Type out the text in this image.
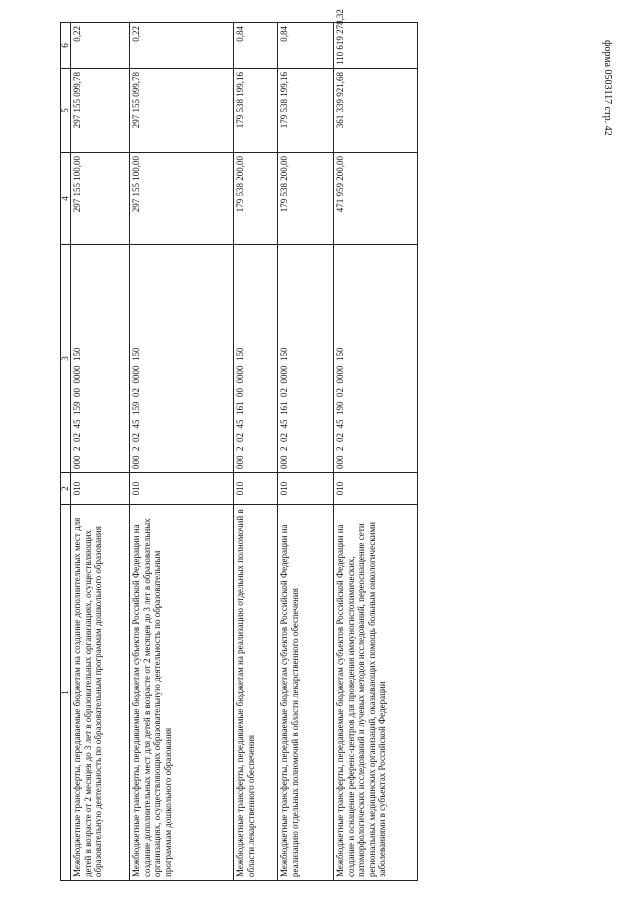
форма 0503117 стр. 42
1	2	3	4	5	6
Межбюджетные трансферты, передаваемые бюджетам на создание дополнительных мест для детей в возрасте от 2 месяцев до 3 лет в образовательных организациях, осуществляющих образовательную деятельность по образовательным программам дошкольного образования	010	000  2  02  45  159  00  0000  150	297 155 100,00	297 155 099,78	0,22
Межбюджетные трансферты, передаваемые бюджетам субъектов Российской Федерации на создание дополнительных мест для детей в возрасте от 2 месяцев до 3 лет в образовательных организациях, осуществляющих образовательную деятельность по образовательным программам дошкольного образования	010	000  2  02  45  159  02  0000  150	297 155 100,00	297 155 099,78	0,22
Межбюджетные трансферты, передаваемые бюджетам на реализацию отдельных полномочий в области лекарственного обеспечения	010	000  2  02  45  161  00  0000  150	179 538 200,00	179 538 199,16	0,84
Межбюджетные трансферты, передаваемые бюджетам субъектов Российской Федерации на реализацию отдельных полномочий в области лекарственного обеспечения	010	000  2  02  45  161  02  0000  150	179 538 200,00	179 538 199,16	0,84
Межбюджетные трансферты, передаваемые бюджетам субъектов Российской Федерации на создание и оснащение референс-центров для проведения иммуногистохимических, патоморфологических исследований и лучевых методов исследований, переоснащение сети региональных медицинских организаций, оказывающих помощь больным онкологическими заболеваниями в субъектах Российской Федерации	010	000  2  02  45  190  02  0000  150	471 959 200,00	361 339 921,68	110 619 278,32
